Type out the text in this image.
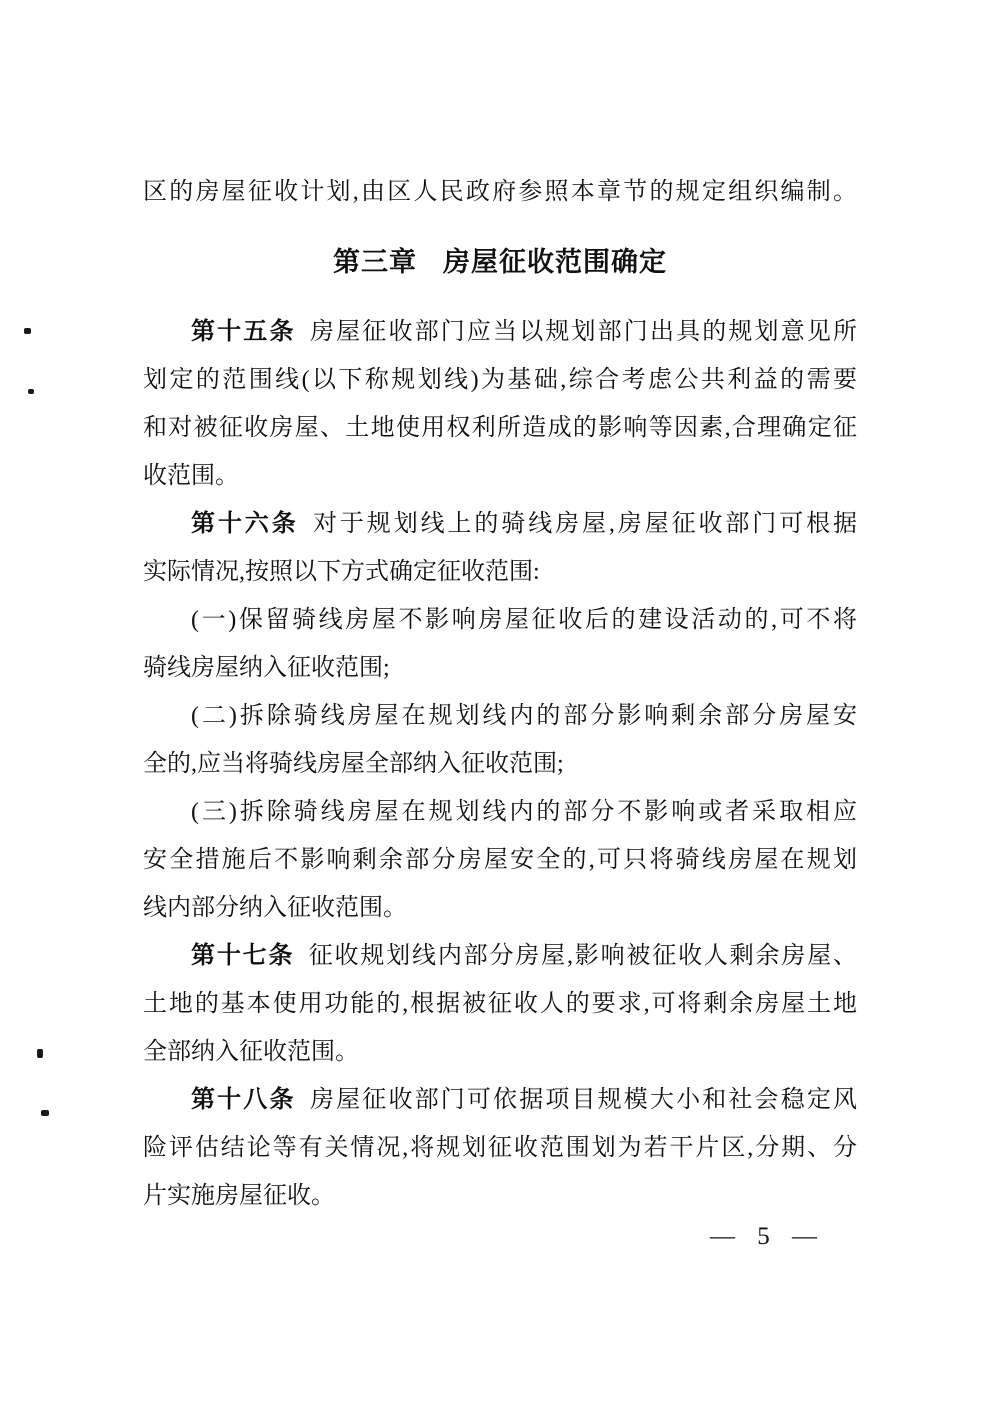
区的房屋征收计划,由区人民政府参照本章节的规定组织编制。
第三章 房屋征收范围确定
第十五条 房屋征收部门应当以规划部门出具的规划意见所
划定的范围线(以下称规划线)为基础,综合考虑公共利益的需要
和对被征收房屋、土地使用权利所造成的影响等因素,合理确定征
收范围。
第十六条 对于规划线上的骑线房屋,房屋征收部门可根据
实际情况,按照以下方式确定征收范围:
(一)保留骑线房屋不影响房屋征收后的建设活动的,可不将
骑线房屋纳入征收范围;
(二)拆除骑线房屋在规划线内的部分影响剩余部分房屋安
全的,应当将骑线房屋全部纳入征收范围;
(三)拆除骑线房屋在规划线内的部分不影响或者采取相应
安全措施后不影响剩余部分房屋安全的,可只将骑线房屋在规划
线内部分纳入征收范围。
第十七条 征收规划线内部分房屋,影响被征收人剩余房屋、
土地的基本使用功能的,根据被征收人的要求,可将剩余房屋土地
全部纳入征收范围。
第十八条 房屋征收部门可依据项目规模大小和社会稳定风
险评估结论等有关情况,将规划征收范围划为若干片区,分期、分
片实施房屋征收。
— 5 —
